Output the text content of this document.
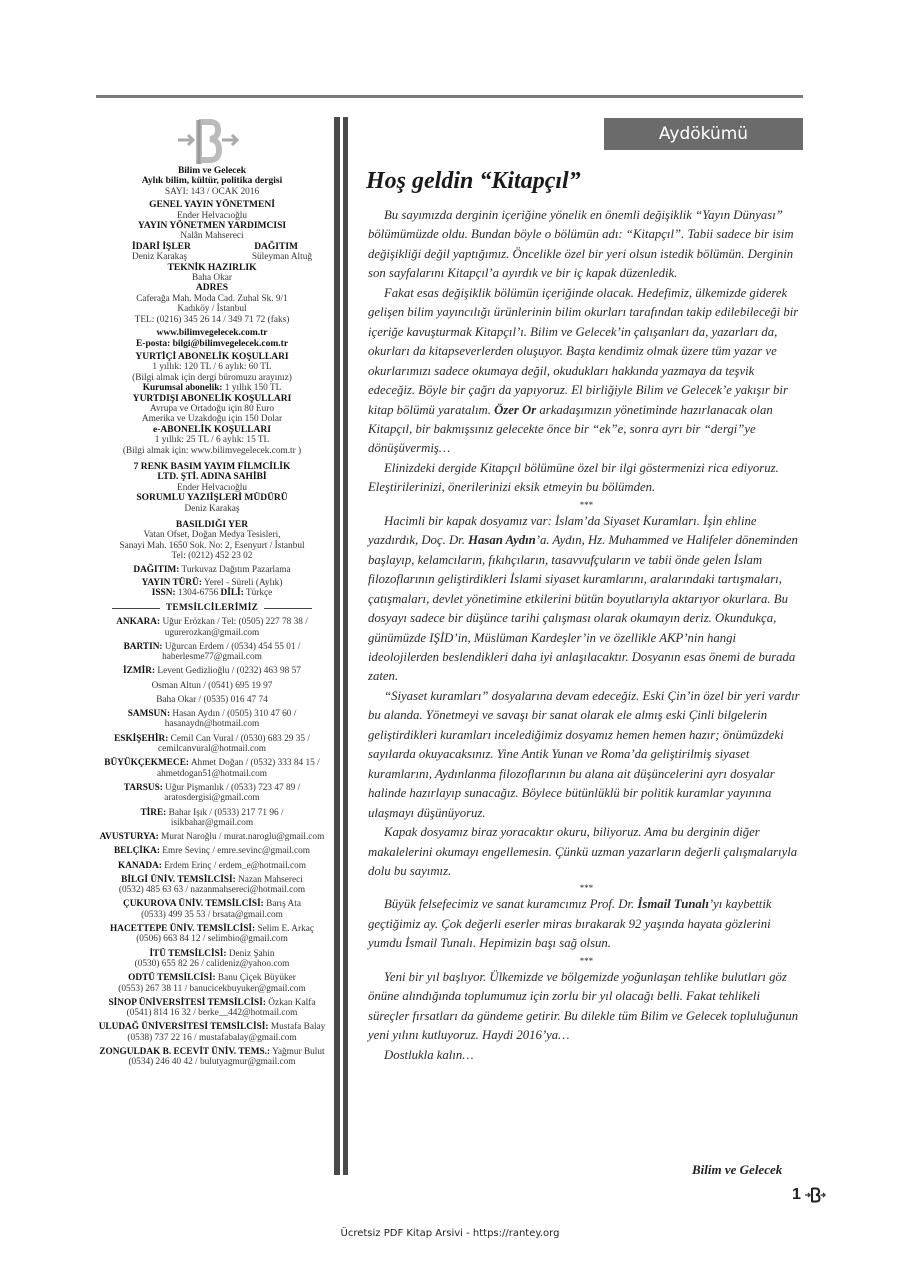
Bilim ve Gelecek
Aylık bilim, kültür, politika dergisi
SAYI: 143 / OCAK 2016
GENEL YAYIN YÖNETMENİ
Ender Helvacıoğlu
YAYIN YÖNETMEN YARDIMCISI
Nalân Mahsereci
İDARİ İŞLER	DAĞITIM
Deniz Karakaş	Süleyman Altuğ
TEKNİK HAZIRLIK
Baha Okar
ADRES
Caferağa Mah. Moda Cad. Zuhal Sk. 9/1
Kadıköy / İstanbul
TEL: (0216) 345 26 14 / 349 71 72 (faks)
www.bilimvegelecek.com.tr
E-posta: bilgi@bilimvegelecek.com.tr
YURTİÇİ ABONELİK KOŞULLARI
1 yıllık: 120 TL / 6 aylık: 60 TL
(Bilgi almak için dergi büromuzu arayınız)
Kurumsal abonelik: 1 yıllık 150 TL
YURTDIŞI ABONELİK KOŞULLARI
Avrupa ve Ortadoğu için 80 Euro
Amerika ve Uzakdoğu için 150 Dolar
e-ABONELİK KOŞULLARI
1 yıllık: 25 TL / 6 aylık: 15 TL
(Bilgi almak için: www.bilimvegelecek.com.tr )
7 RENK BASIM YAYIM FİLMCİLİK
LTD. ŞTİ. ADINA SAHİBİ
Ender Helvacıoğlu
SORUMLU YAZIİŞLERİ MÜDÜRÜ
Deniz Karakaş
BASILDIĞI YER
Vatan Ofset, Doğan Medya Tesisleri,
Sanayi Mah. 1650 Sok. No: 2, Esenyurt / İstanbul
Tel: (0212) 452 23 02
DAĞITIM: Turkuvaz Dağıtım Pazarlama
YAYIN TÜRÜ: Yerel - Süreli (Aylık)
ISSN: 1304-6756 DİLİ: Türkçe
TEMSİLCİLERİMİZ
ANKARA: Uğur Erözkan / Tel: (0505) 227 78 38 /
ugurerozkan@gmail.com
BARTIN: Uğurcan Erdem / (0534) 454 55 01 /
haberlesme77@gmail.com
İZMİR: Levent Gedizlioğlu / (0232) 463 98 57
Osman Altun / (0541) 695 19 97
Baha Okar / (0535) 016 47 74
SAMSUN: Hasan Aydın / (0505) 310 47 60 /
hasanaydn@hotmail.com
ESKİŞEHİR: Cemil Can Vural / (0530) 683 29 35 /
cemilcanvural@hotmail.com
BÜYÜKÇEKMECE: Ahmet Doğan / (0532) 333 84 15 /
ahmetdogan51@hotmail.com
TARSUS: Uğur Pişmanlık / (0533) 723 47 89 /
aratosdergisi@gmail.com
TİRE: Bahar Işık / (0533) 217 71 96 /
isikbahar@gmail.com
AVUSTURYA: Murat Naroğlu / murat.naroglu@gmail.com
BELÇİKA: Emre Sevinç / emre.sevinc@gmail.com
KANADA: Erdem Erinç / erdem_e@hotmail.com
BİLGİ ÜNİV. TEMSİLCİSİ: Nazan Mahsereci
(0532) 485 63 63 / nazanmahsereci@hotmail.com
ÇUKUROVA ÜNİV. TEMSİLCİSİ: Barış Ata
(0533) 499 35 53 / brsata@gmail.com
HACETTEPE ÜNİV. TEMSİLCİSİ: Selim E. Arkaç
(0506) 663 84 12 / selimbio@gmail.com
İTÜ TEMSİLCİSİ: Deniz Şahin
(0530) 655 82 26 / calideniz@yahoo.com
ODTÜ TEMSİLCİSİ: Banu Çiçek Büyüker
(0553) 267 38 11 / banucicekbuyuker@gmail.com
SİNOP ÜNİVERSİTESİ TEMSİLCİSİ: Özkan Kalfa
(0541) 814 16 32 / berke__442@hotmail.com
ULUDAĞ ÜNİVERSİTESİ TEMSİLCİSİ: Mustafa Balay
(0538) 737 22 16 / mustafabalay@gmail.com
ZONGULDAK B. ECEVİT ÜNİV. TEMS.: Yağmur Bulut
(0534) 246 40 42 / bulutyagmur@gmail.com
Aydökümü
Hoş geldin “Kitapçıl”

Bu sayımızda derginin içeriğine yönelik en önemli değişiklik “Yayın Dünyası” bölümümüzde oldu. Bundan böyle o bölümün adı: “Kitapçıl”. Tabii sadece bir isim değişikliği değil yaptığımız. Öncelikle özel bir yeri olsun istedik bölümün. Derginin son sayfalarını Kitapçıl’a ayırdık ve bir iç kapak düzenledik.

Fakat esas değişiklik bölümün içeriğinde olacak. Hedefimiz, ülkemizde giderek gelişen bilim yayıncılığı ürünlerinin bilim okurları tarafından takip edilebileceği bir içeriğe kavuşturmak Kitapçıl’ı. Bilim ve Gelecek’in çalışanları da, yazarları da, okurları da kitapseverlerden oluşuyor. Başta kendimiz olmak üzere tüm yazar ve okurlarımızı sadece okumaya değil, okudukları hakkında yazmaya da teşvik edeceğiz. Böyle bir çağrı da yapıyoruz. El birliğiyle Bilim ve Gelecek’e yakışır bir kitap bölümü yaratalım. Özer Or arkadaşımızın yönetiminde hazırlanacak olan Kitapçıl, bir bakmışsınız gelecekte önce bir “ek”e, sonra ayrı bir “dergi”ye dönüşüvermiş…

Elinizdeki dergide Kitapçıl bölümüne özel bir ilgi göstermenizi rica ediyoruz. Eleştirilerinizi, önerilerinizi eksik etmeyin bu bölümden.

***

Hacimli bir kapak dosyamız var: İslam’da Siyaset Kuramları. İşin ehline yazdırdık, Doç. Dr. Hasan Aydın’a. Aydın, Hz. Muhammed ve Halifeler döneminden başlayıp, kelamcıların, fıkıhçıların, tasavvufçuların ve tabii önde gelen İslam filozoflarının geliştirdikleri İslami siyaset kuramlarını, aralarındaki tartışmaları, çatışmaları, devlet yönetimine etkilerini bütün boyutlarıyla aktarıyor okurlara. Bu dosyayı sadece bir düşünce tarihi çalışması olarak okumayın deriz. Okundukça, günümüzde IŞİD’in, Müslüman Kardeşler’in ve özellikle AKP’nin hangi ideolojilerden beslendikleri daha iyi anlaşılacaktır. Dosyanın esas önemi de burada zaten.

“Siyaset kuramları” dosyalarına devam edeceğiz. Eski Çin’in özel bir yeri vardır bu alanda. Yönetmeyi ve savaşı bir sanat olarak ele almış eski Çinli bilgelerin geliştirdikleri kuramları incelediğimiz dosyamız hemen hemen hazır; önümüzdeki sayılarda okuyacaksınız. Yine Antik Yunan ve Roma’da geliştirilmiş siyaset kuramlarını, Aydınlanma filozoflarının bu alana ait düşüncelerini ayrı dosyalar halinde hazırlayıp sunacağız. Böylece bütünlüklü bir politik kuramlar yayınına ulaşmayı düşünüyoruz.

Kapak dosyamız biraz yoracaktır okuru, biliyoruz. Ama bu derginin diğer makalelerini okumayı engellemesin. Çünkü uzman yazarların değerli çalışmalarıyla dolu bu sayımız.

***

Büyük felsefecimiz ve sanat kuramcımız Prof. Dr. İsmail Tunalı’yı kaybettik geçtiğimiz ay. Çok değerli eserler miras bırakarak 92 yaşında hayata gözlerini yumdu İsmail Tunalı. Hepimizin başı sağ olsun.

***

Yeni bir yıl başlıyor. Ülkemizde ve bölgemizde yoğunlaşan tehlike bulutları göz önüne alındığında toplumumuz için zorlu bir yıl olacağı belli. Fakat tehlikeli süreçler fırsatları da gündeme getirir. Bu dilekle tüm Bilim ve Gelecek topluluğunun yeni yılını kutluyoruz. Haydi 2016’ya…

Dostlukla kalın…

Bilim ve Gelecek
1
Ücretsiz PDF Kitap Arsivi - https://rantey.org
